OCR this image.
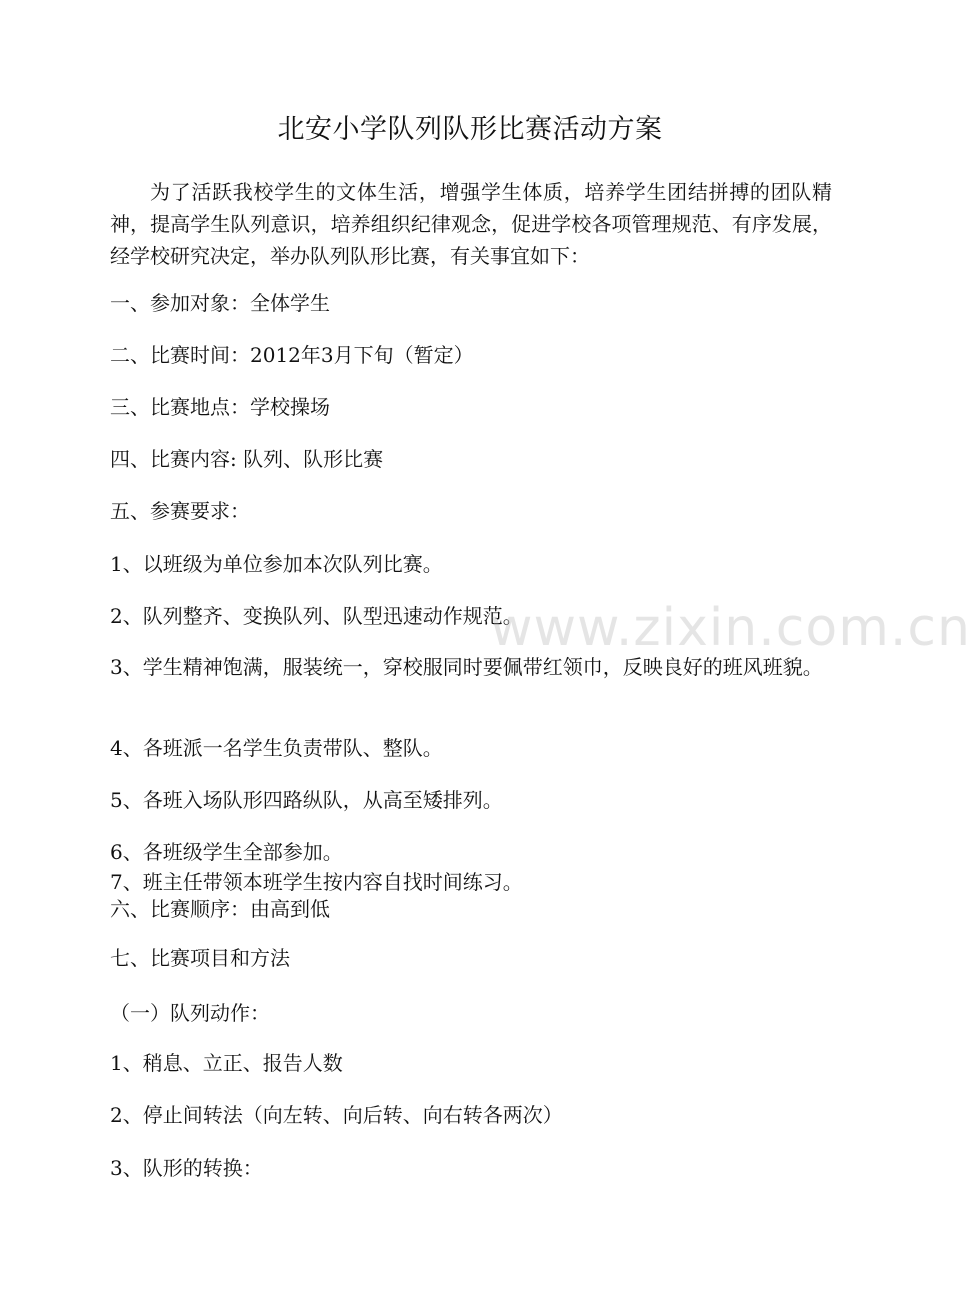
北安小学队列队形比赛活动方案
为了活跃我校学生的文体生活，增强学生体质，培养学生团结拼搏的团队精神，提高学生队列意识，培养组织纪律观念，促进学校各项管理规范、有序发展，经学校研究决定，举办队列队形比赛，有关事宜如下：
一、参加对象：全体学生
二、比赛时间：2012年3月下旬（暂定）
三、比赛地点：学校操场
四、比赛内容: 队列、队形比赛
五、参赛要求：
1、以班级为单位参加本次队列比赛。
2、队列整齐、变换队列、队型迅速动作规范。
3、学生精神饱满，服装统一，穿校服同时要佩带红领巾，反映良好的班风班貌。
4、各班派一名学生负责带队、整队。
5、各班入场队形四路纵队，从高至矮排列。
6、各班级学生全部参加。
7、班主任带领本班学生按内容自找时间练习。
六、比赛顺序：由高到低
七、比赛项目和方法
（一）队列动作：
1、稍息、立正、报告人数
2、停止间转法（向左转、向后转、向右转各两次）
3、队形的转换：
www.zixin.com.cn
